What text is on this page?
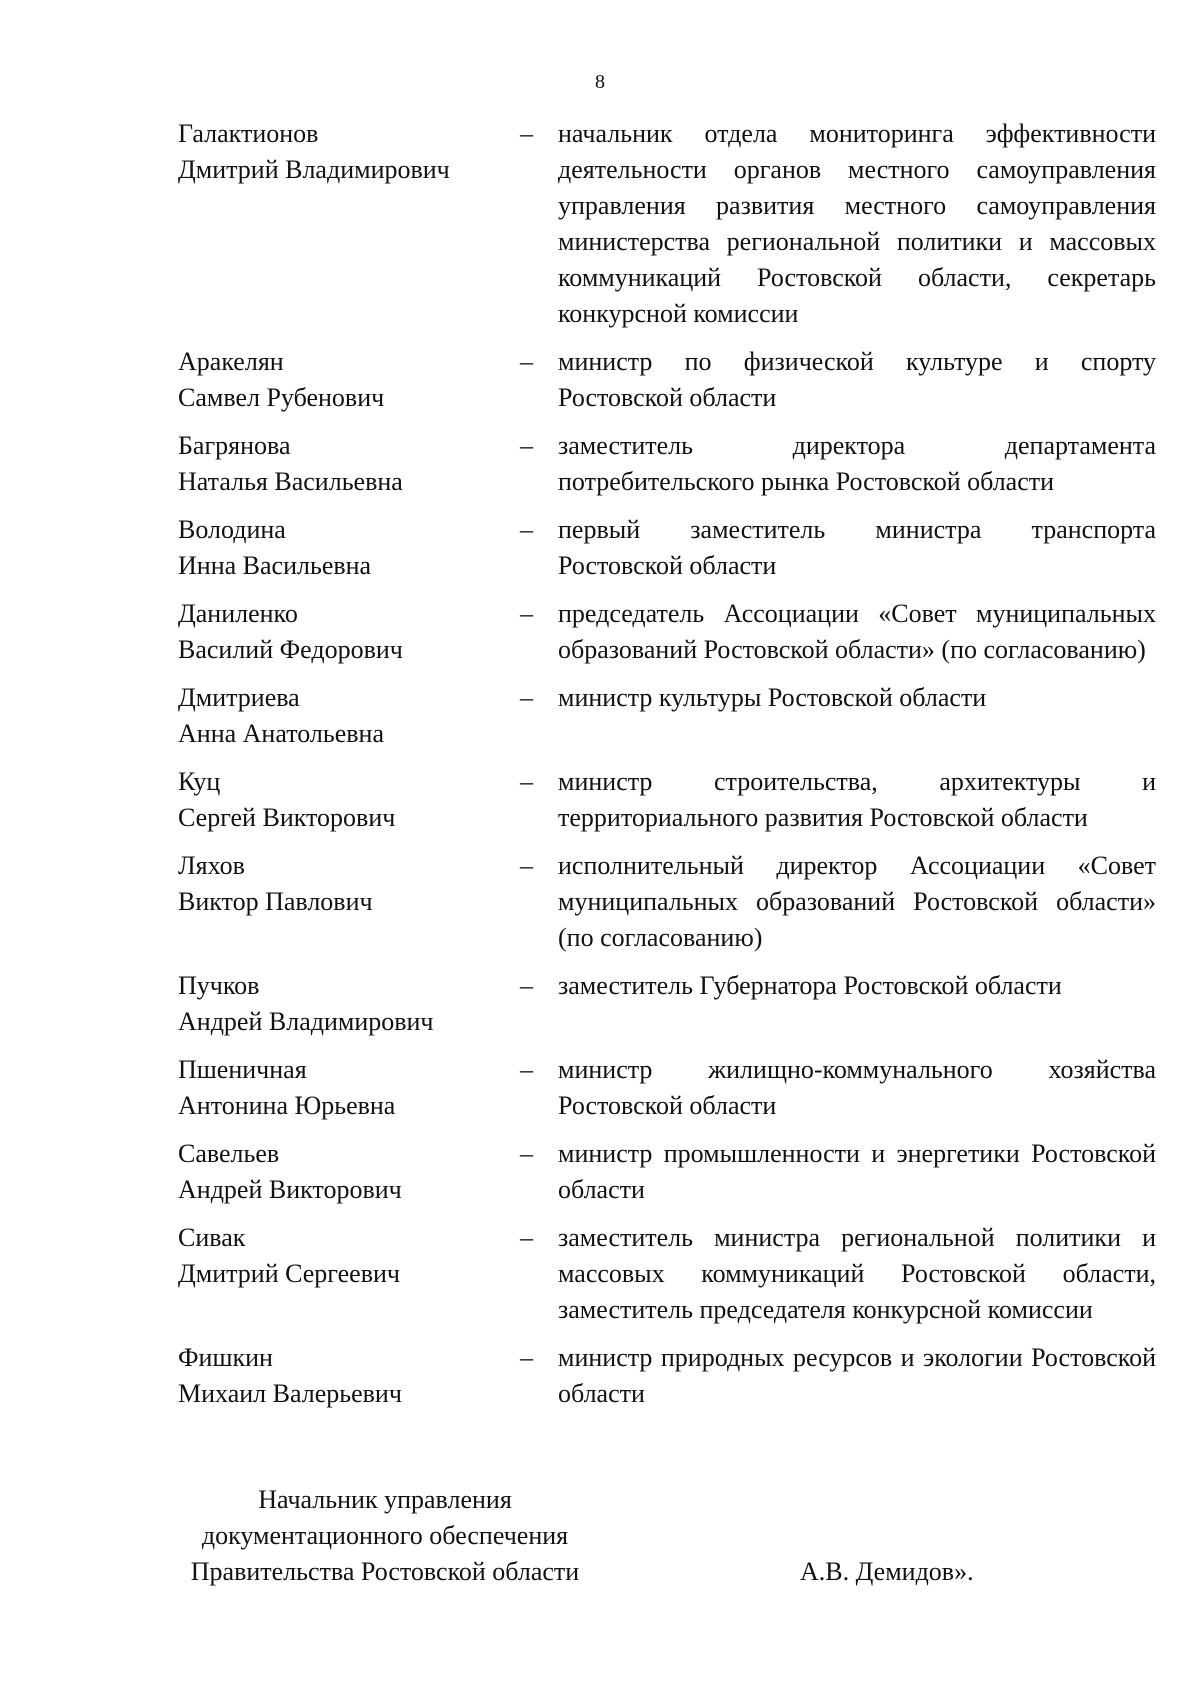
8
Галактионов
Дмитрий Владимирович
– начальник отдела мониторинга эффективности деятельности органов местного самоуправления управления развития местного самоуправления министерства региональной политики и массовых коммуникаций Ростовской области, секретарь конкурсной комиссии
Аракелян
Самвел Рубенович
– министр по физической культуре и спорту Ростовской области
Багрянова
Наталья Васильевна
– заместитель директора департамента потребительского рынка Ростовской области
Володина
Инна Васильевна
– первый заместитель министра транспорта Ростовской области
Даниленко
Василий Федорович
– председатель Ассоциации «Совет муниципальных образований Ростовской области» (по согласованию)
Дмитриева
Анна Анатольевна
– министр культуры Ростовской области
Куц
Сергей Викторович
– министр строительства, архитектуры и территориального развития Ростовской области
Ляхов
Виктор Павлович
– исполнительный директор Ассоциации «Совет муниципальных образований Ростовской области» (по согласованию)
Пучков
Андрей Владимирович
– заместитель Губернатора Ростовской области
Пшеничная
Антонина Юрьевна
– министр жилищно-коммунального хозяйства Ростовской области
Савельев
Андрей Викторович
– министр промышленности и энергетики Ростовской области
Сивак
Дмитрий Сергеевич
– заместитель министра региональной политики и массовых коммуникаций Ростовской области, заместитель председателя конкурсной комиссии
Фишкин
Михаил Валерьевич
– министр природных ресурсов и экологии Ростовской области
Начальник управления
документационного обеспечения
Правительства Ростовской области	А.В. Демидов».
